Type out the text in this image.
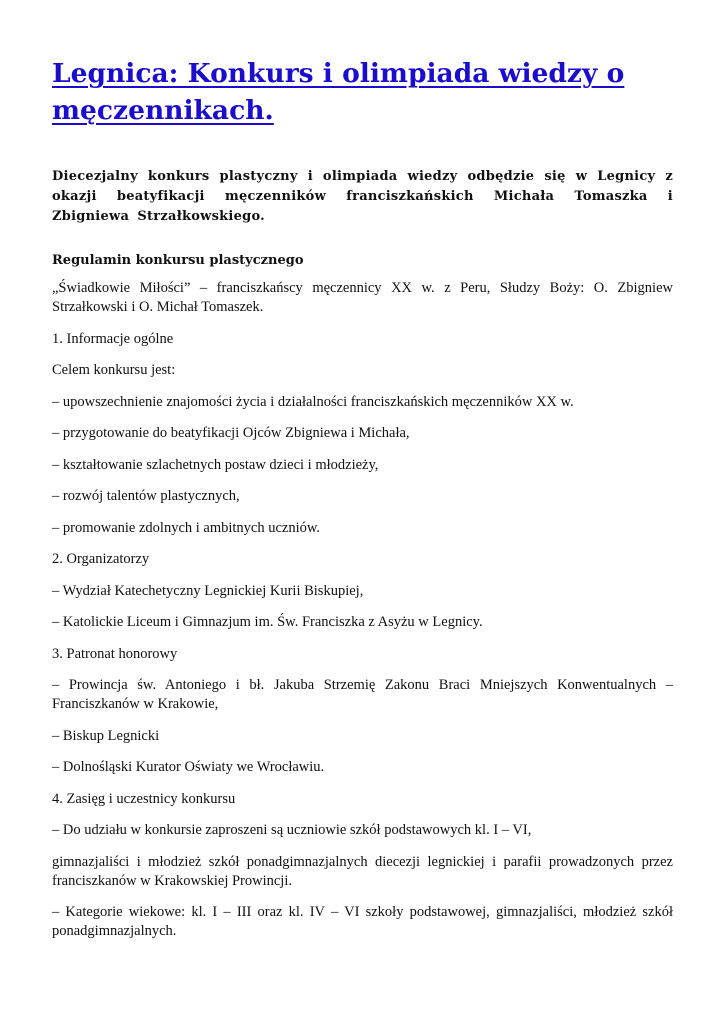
Legnica: Konkurs i olimpiada wiedzy o męczennikach.

Diecezjalny konkurs plastyczny i olimpiada wiedzy odbędzie się w Legnicy z okazji beatyfikacji męczenników franciszkańskich Michała Tomaszka i Zbigniewa Strzałkowskiego.

Regulamin konkursu plastycznego

„Świadkowie Miłości” – franciszkańscy męczennicy XX w. z Peru, Słudzy Boży: O. Zbigniew Strzałkowski i O. Michał Tomaszek.

1. Informacje ogólne

Celem konkursu jest:

– upowszechnienie znajomości życia i działalności franciszkańskich męczenników XX w.

– przygotowanie do beatyfikacji Ojców Zbigniewa i Michała,

– kształtowanie szlachetnych postaw dzieci i młodzieży,

– rozwój talentów plastycznych,

– promowanie zdolnych i ambitnych uczniów.

2. Organizatorzy

– Wydział Katechetyczny Legnickiej Kurii Biskupiej,

– Katolickie Liceum i Gimnazjum im. Św. Franciszka z Asyżu w Legnicy.

3. Patronat honorowy

– Prowincja św. Antoniego i bł. Jakuba Strzemię Zakonu Braci Mniejszych Konwentualnych – Franciszkanów w Krakowie,

– Biskup Legnicki

– Dolnośląski Kurator Oświaty we Wrocławiu.

4. Zasięg i uczestnicy konkursu

– Do udziału w konkursie zaproszeni są uczniowie szkół podstawowych kl. I – VI,

gimnazjaliści i młodzież szkół ponadgimnazjalnych diecezji legnickiej i parafii prowadzonych przez franciszkanów w Krakowskiej Prowincji.

– Kategorie wiekowe: kl. I – III oraz kl. IV – VI szkoły podstawowej, gimnazjaliści, młodzież szkół ponadgimnazjalnych.
